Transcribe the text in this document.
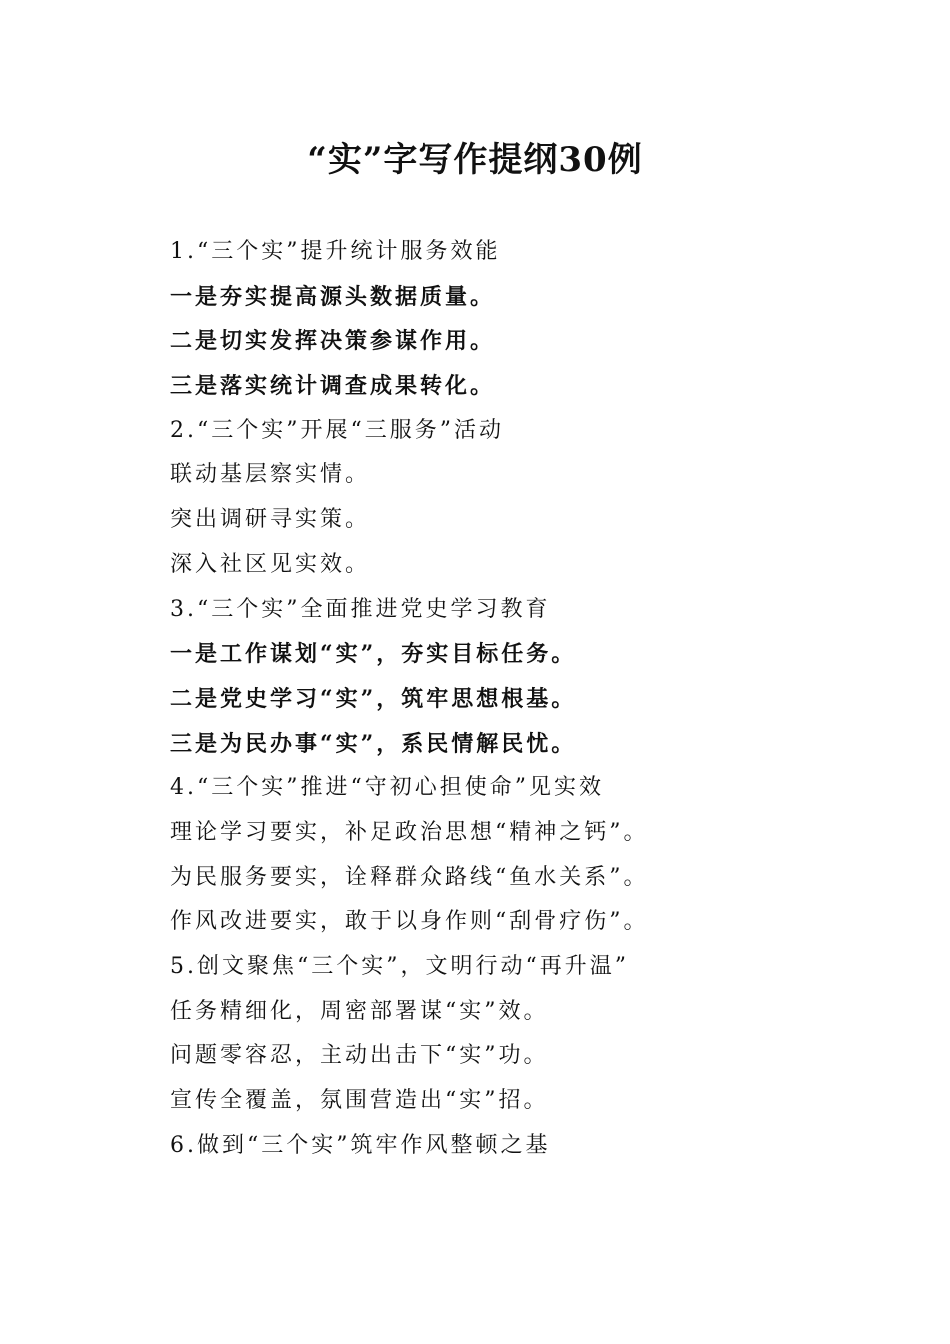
“实”字写作提纲30例
1.“三个实”提升统计服务效能
一是夯实提高源头数据质量。
二是切实发挥决策参谋作用。
三是落实统计调查成果转化。
2.“三个实”开展“三服务”活动
联动基层察实情。
突出调研寻实策。
深入社区见实效。
3.“三个实”全面推进党史学习教育
一是工作谋划“实”，夯实目标任务。
二是党史学习“实”，筑牢思想根基。
三是为民办事“实”，系民情解民忧。
4.“三个实”推进“守初心担使命”见实效
理论学习要实，补足政治思想“精神之钙”。
为民服务要实，诠释群众路线“鱼水关系”。
作风改进要实，敢于以身作则“刮骨疗伤”。
5.创文聚焦“三个实”，文明行动“再升温”
任务精细化，周密部署谋“实”效。
问题零容忍，主动出击下“实”功。
宣传全覆盖，氛围营造出“实”招。
6.做到“三个实”筑牢作风整顿之基
